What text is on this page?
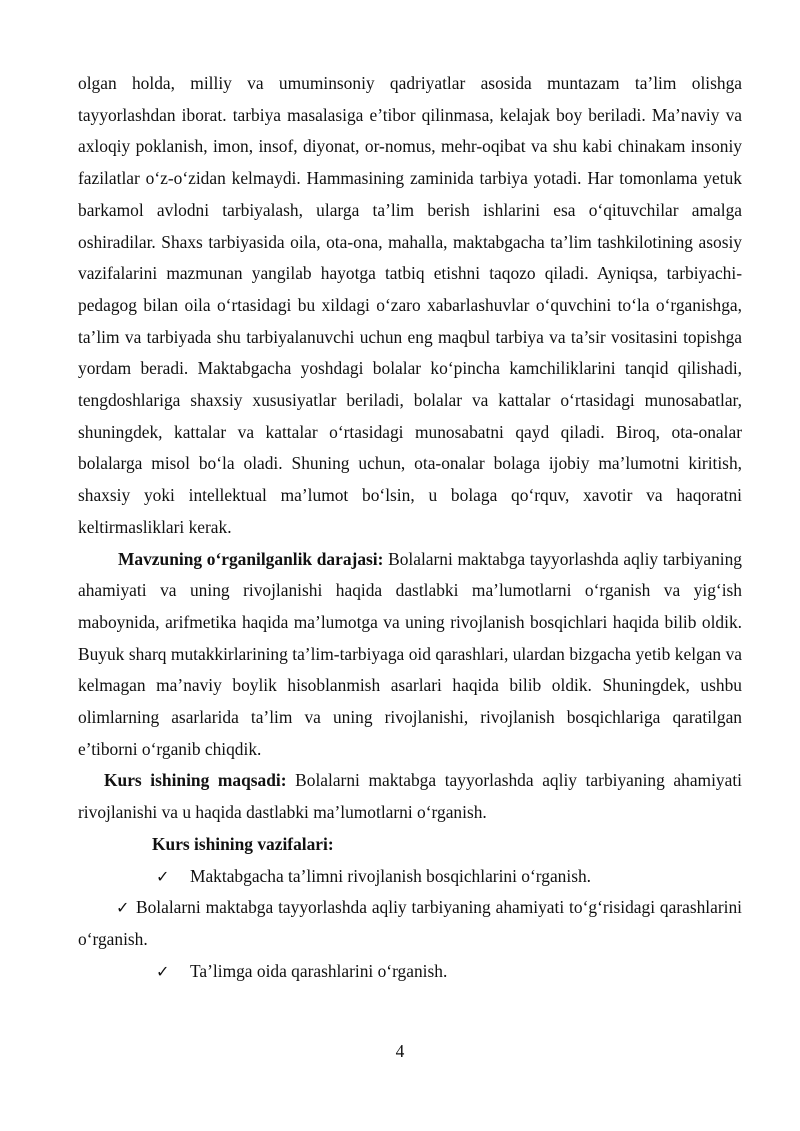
olgan holda, milliy va umuminsoniy qadriyatlar asosida muntazam ta’lim olishga tayyorlashdan iborat. tarbiya masalasiga e’tibor qilinmasa, kelajak boy beriladi. Ma’naviy va axloqiy poklanish, imon, insof, diyonat, or-nomus, mehr-oqibat va shu kabi chinakam insoniy fazilatlar o‘z-o‘zidan kelmaydi. Hammasining zaminida tarbiya yotadi. Har tomonlama yetuk barkamol avlodni tarbiyalash, ularga ta’lim berish ishlarini esa o‘qituvchilar amalga oshiradilar. Shaxs tarbiyasida oila, ota-ona, mahalla, maktabgacha ta’lim tashkilotining asosiy vazifalarini mazmunan yangilab hayotga tatbiq etishni taqozo qiladi. Ayniqsa, tarbiyachi-pedagog bilan oila o‘rtasidagi bu xildagi o‘zaro xabarlashuvlar o‘quvchini to‘la o‘rganishga, ta’lim va tarbiyada shu tarbiyalanuvchi uchun eng maqbul tarbiya va ta’sir vositasini topishga yordam beradi. Maktabgacha yoshdagi bolalar ko‘pincha kamchiliklarini tanqid qilishadi, tengdoshlariga shaxsiy xususiyatlar beriladi, bolalar va kattalar o‘rtasidagi munosabatlar, shuningdek, kattalar va kattalar o‘rtasidagi munosabatni qayd qiladi. Biroq, ota-onalar bolalarga misol bo‘la oladi. Shuning uchun, ota-onalar bolaga ijobiy ma’lumotni kiritish, shaxsiy yoki intellektual ma’lumot bo‘lsin, u bolaga qo‘rquv, xavotir va haqoratni keltirmasliklari kerak.

Mavzuning o‘rganilganlik darajasi: Bolalarni maktabga tayyorlashda aqliy tarbiyaning ahamiyati va uning rivojlanishi haqida dastlabki ma’lumotlarni o‘rganish va yig‘ish maboynida, arifmetika haqida ma’lumotga va uning rivojlanish bosqichlari haqida bilib oldik. Buyuk sharq mutakkirlarining ta’lim-tarbiyaga oid qarashlari, ulardan bizgacha yetib kelgan va kelmagan ma’naviy boylik hisoblanmish asarlari haqida bilib oldik. Shuningdek, ushbu olimlarning asarlarida ta’lim va uning rivojlanishi, rivojlanish bosqichlariga qaratilgan e’tiborni o‘rganib chiqdik.

Kurs ishining maqsadi: Bolalarni maktabga tayyorlashda aqliy tarbiyaning ahamiyati rivojlanishi va u haqida dastlabki ma’lumotlarni o‘rganish.

Kurs ishining vazifalari:

✓	Maktabgacha ta’limni rivojlanish bosqichlarini o‘rganish.

✓ Bolalarni maktabga tayyorlashda aqliy tarbiyaning ahamiyati to‘g‘risidagi qarashlarini o‘rganish.

✓	Ta’limga oida qarashlarini o‘rganish.
4
